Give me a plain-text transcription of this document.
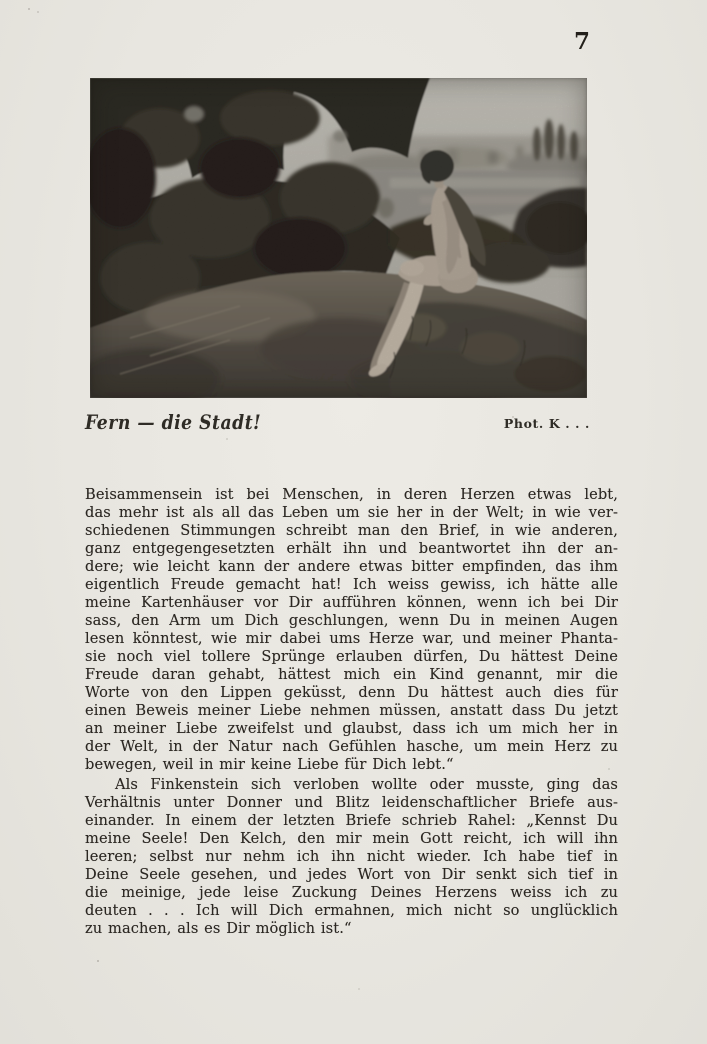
7
Fern — die Stadt!	Phot. K . . .
Beisammensein ist bei Menschen, in deren Herzen etwas lebt,
das mehr ist als all das Leben um sie her in der Welt; in wie ver-
schiedenen Stimmungen schreibt man den Brief, in wie anderen,
ganz entgegengesetzten erhält ihn und beantwortet ihn der an-
dere; wie leicht kann der andere etwas bitter empfinden, das ihm
eigentlich Freude gemacht hat! Ich weiss gewiss, ich hätte alle
meine Kartenhäuser vor Dir aufführen können, wenn ich bei Dir
sass, den Arm um Dich geschlungen, wenn Du in meinen Augen
lesen könntest, wie mir dabei ums Herze war, und meiner Phanta-
sie noch viel tollere Sprünge erlauben dürfen, Du hättest Deine
Freude daran gehabt, hättest mich ein Kind genannt, mir die
Worte von den Lippen geküsst, denn Du hättest auch dies für
einen Beweis meiner Liebe nehmen müssen, anstatt dass Du jetzt
an meiner Liebe zweifelst und glaubst, dass ich um mich her in
der Welt, in der Natur nach Gefühlen hasche, um mein Herz zu
bewegen, weil in mir keine Liebe für Dich lebt.“
Als Finkenstein sich verloben wollte oder musste, ging das
Verhältnis unter Donner und Blitz leidenschaftlicher Briefe aus-
einander. In einem der letzten Briefe schrieb Rahel: „Kennst Du
meine Seele! Den Kelch, den mir mein Gott reicht, ich will ihn
leeren; selbst nur nehm ich ihn nicht wieder. Ich habe tief in
Deine Seele gesehen, und jedes Wort von Dir senkt sich tief in
die meinige, jede leise Zuckung Deines Herzens weiss ich zu
deuten . . . Ich will Dich ermahnen, mich nicht so unglücklich
zu machen, als es Dir möglich ist.“
